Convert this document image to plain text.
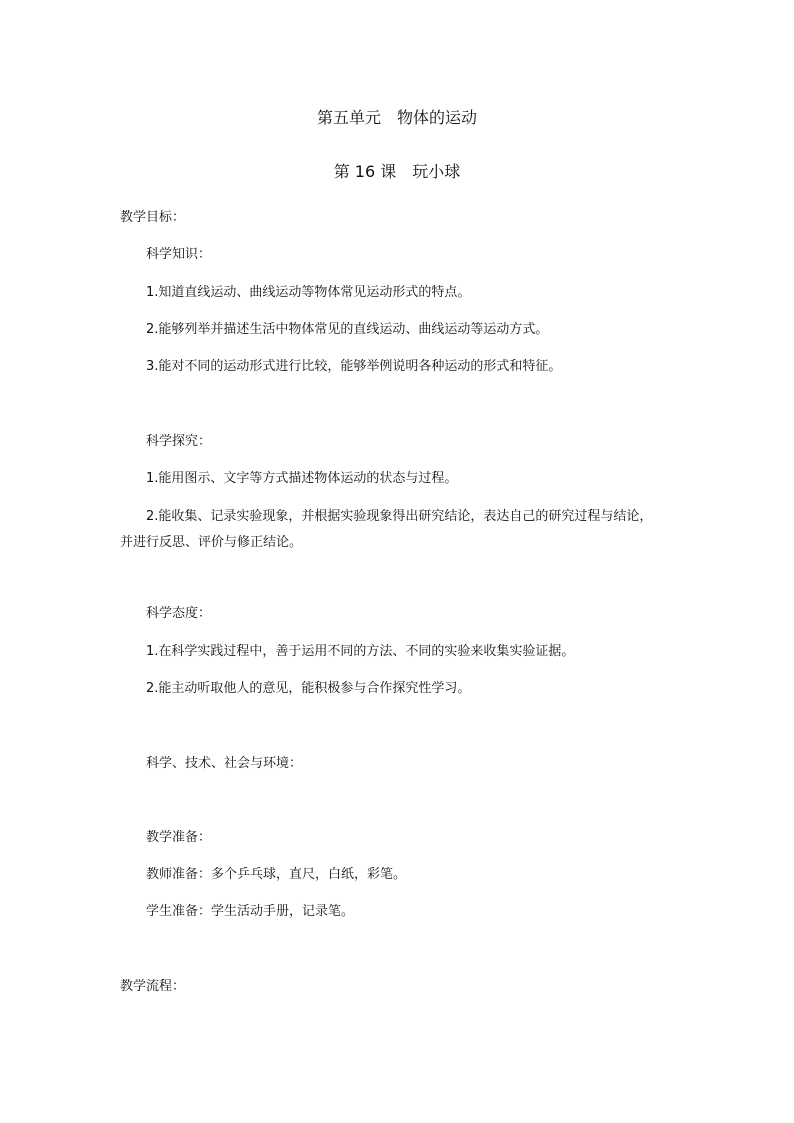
第五单元　物体的运动
第 16 课　玩小球
教学目标：
科学知识：
1.知道直线运动、曲线运动等物体常见运动形式的特点。
2.能够列举并描述生活中物体常见的直线运动、曲线运动等运动方式。
3.能对不同的运动形式进行比较，能够举例说明各种运动的形式和特征。
科学探究：
1.能用图示、文字等方式描述物体运动的状态与过程。
2.能收集、记录实验现象，并根据实验现象得出研究结论，表达自己的研究过程与结论，并进行反思、评价与修正结论。
科学态度：
1.在科学实践过程中，善于运用不同的方法、不同的实验来收集实验证据。
2.能主动听取他人的意见，能积极参与合作探究性学习。
科学、技术、社会与环境：
教学准备：
教师准备：多个乒乓球，直尺，白纸，彩笔。
学生准备：学生活动手册，记录笔。
教学流程：
